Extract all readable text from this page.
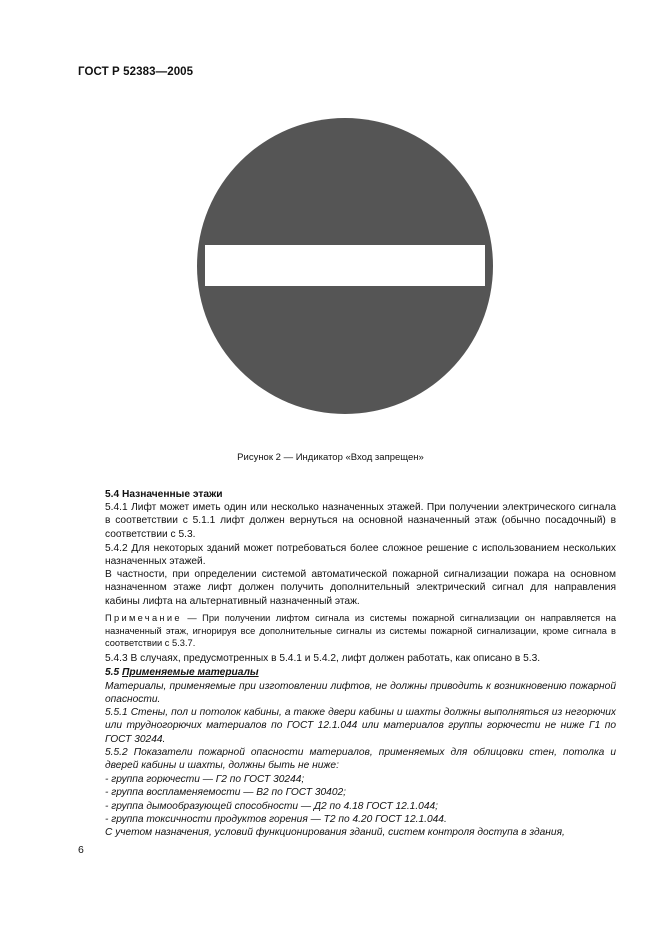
ГОСТ Р 52383—2005
Рисунок 2 — Индикатор «Вход запрещен»

5.4 Назначенные этажи

5.4.1 Лифт может иметь один или несколько назначенных этажей. При получении электрического сигнала в соответствии с 5.1.1 лифт должен вернуться на основной назначенный этаж (обычно посадочный) в соответствии с 5.3.

5.4.2 Для некоторых зданий может потребоваться более сложное решение с использованием нескольких назначенных этажей.

В частности, при определении системой автоматической пожарной сигнализации пожара на основном назначенном этаже лифт должен получить дополнительный электрический сигнал для направления кабины лифта на альтернативный назначенный этаж.

Примечание — При получении лифтом сигнала из системы пожарной сигнализации он направляется на назначенный этаж, игнорируя все дополнительные сигналы из системы пожарной сигнализации, кроме сигнала в соответствии с 5.3.7.

5.4.3 В случаях, предусмотренных в 5.4.1 и 5.4.2, лифт должен работать, как описано в 5.3.

5.5 Применяемые материалы

Материалы, применяемые при изготовлении лифтов, не должны приводить к возникновению пожарной опасности.

5.5.1 Стены, пол и потолок кабины, а также двери кабины и шахты должны выполняться из негорючих или трудногорючих материалов по ГОСТ 12.1.044 или материалов группы горючести не ниже Г1 по ГОСТ 30244.

5.5.2 Показатели пожарной опасности материалов, применяемых для облицовки стен, потолка и дверей кабины и шахты, должны быть не ниже:

- группа горючести — Г2 по ГОСТ 30244;

- группа воспламеняемости — В2 по ГОСТ 30402;

- группа дымообразующей способности — Д2 по 4.18 ГОСТ 12.1.044;

- группа токсичности продуктов горения — Т2 по 4.20 ГОСТ 12.1.044.

С учетом назначения, условий функционирования зданий, систем контроля доступа в здания,

6
